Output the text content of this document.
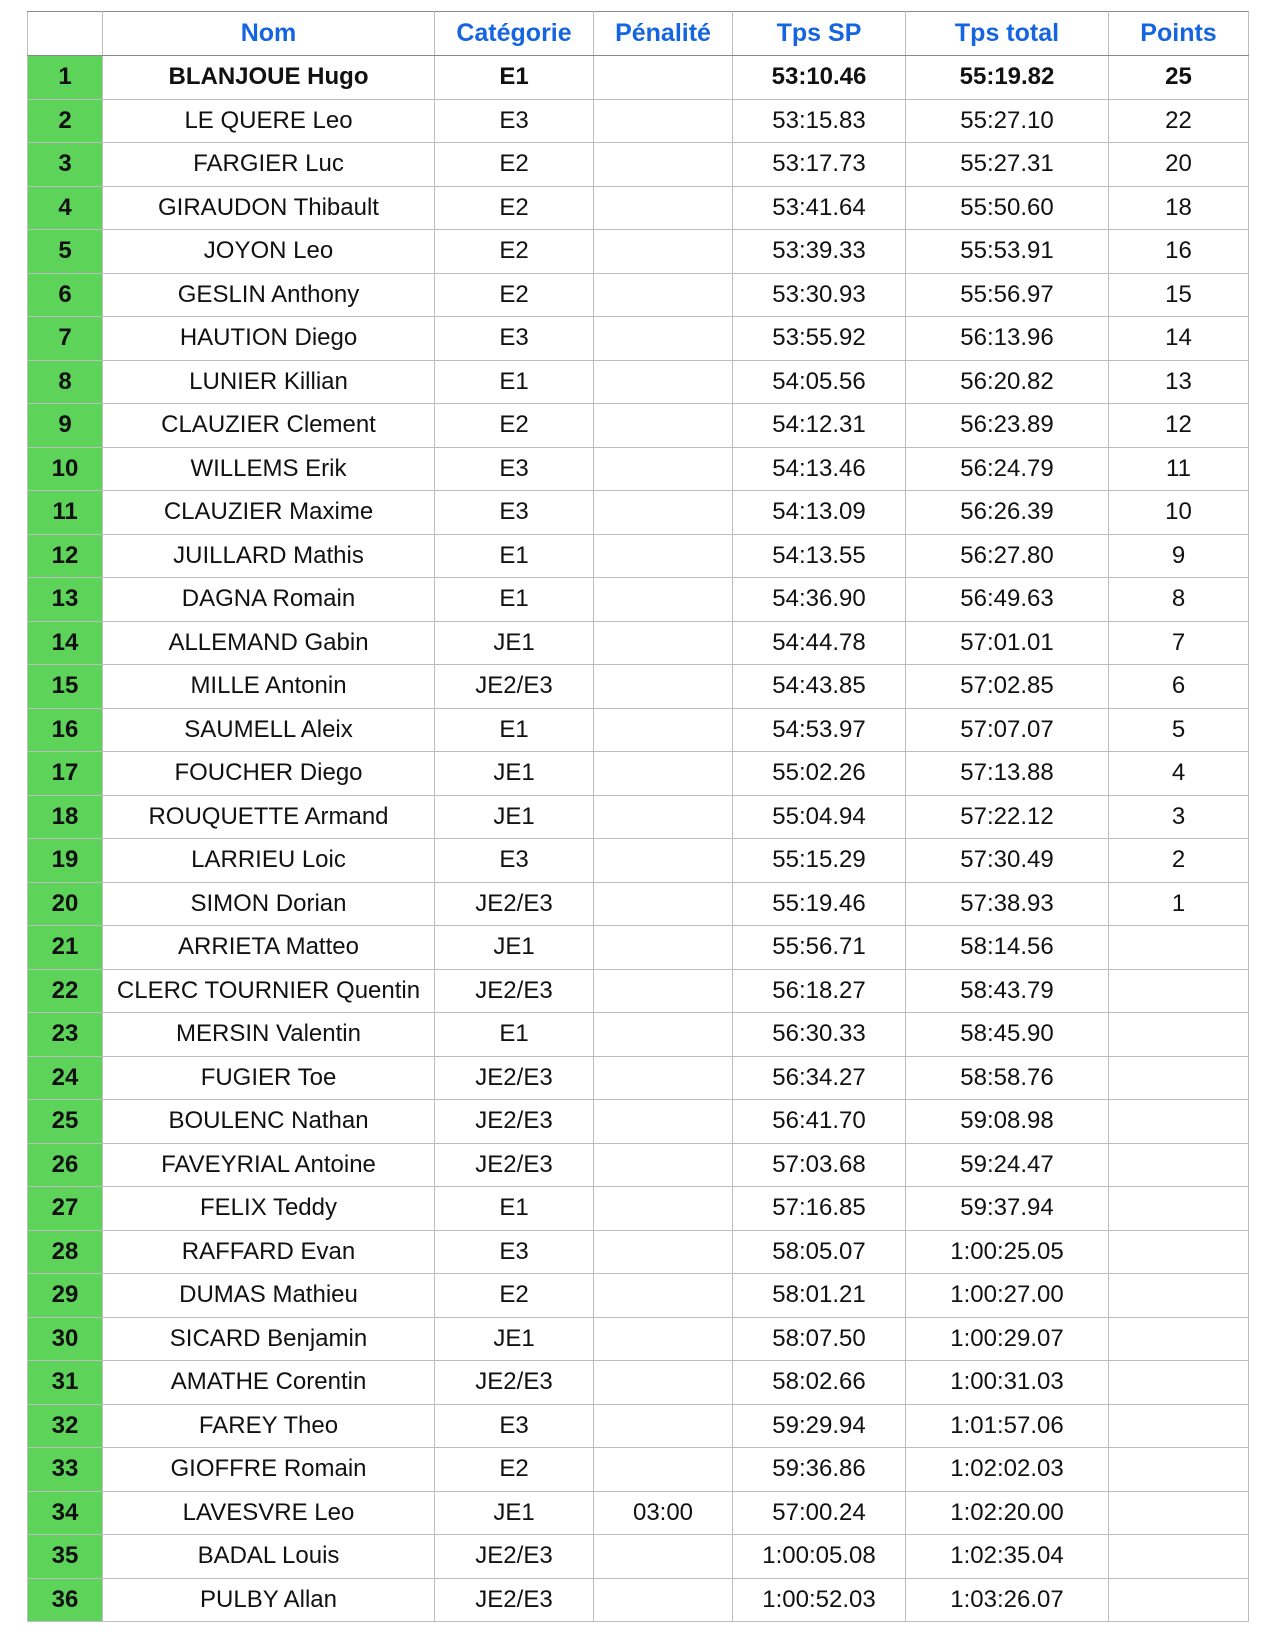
	Nom	Catégorie	Pénalité	Tps SP	Tps total	Points
1	BLANJOUE Hugo	E1		53:10.46	55:19.82	25
2	LE QUERE Leo	E3		53:15.83	55:27.10	22
3	FARGIER Luc	E2		53:17.73	55:27.31	20
4	GIRAUDON Thibault	E2		53:41.64	55:50.60	18
5	JOYON Leo	E2		53:39.33	55:53.91	16
6	GESLIN Anthony	E2		53:30.93	55:56.97	15
7	HAUTION Diego	E3		53:55.92	56:13.96	14
8	LUNIER Killian	E1		54:05.56	56:20.82	13
9	CLAUZIER Clement	E2		54:12.31	56:23.89	12
10	WILLEMS Erik	E3		54:13.46	56:24.79	11
11	CLAUZIER Maxime	E3		54:13.09	56:26.39	10
12	JUILLARD Mathis	E1		54:13.55	56:27.80	9
13	DAGNA Romain	E1		54:36.90	56:49.63	8
14	ALLEMAND Gabin	JE1		54:44.78	57:01.01	7
15	MILLE Antonin	JE2/E3		54:43.85	57:02.85	6
16	SAUMELL Aleix	E1		54:53.97	57:07.07	5
17	FOUCHER Diego	JE1		55:02.26	57:13.88	4
18	ROUQUETTE Armand	JE1		55:04.94	57:22.12	3
19	LARRIEU Loic	E3		55:15.29	57:30.49	2
20	SIMON Dorian	JE2/E3		55:19.46	57:38.93	1
21	ARRIETA Matteo	JE1		55:56.71	58:14.56	
22	CLERC TOURNIER Quentin	JE2/E3		56:18.27	58:43.79	
23	MERSIN Valentin	E1		56:30.33	58:45.90	
24	FUGIER Toe	JE2/E3		56:34.27	58:58.76	
25	BOULENC Nathan	JE2/E3		56:41.70	59:08.98	
26	FAVEYRIAL Antoine	JE2/E3		57:03.68	59:24.47	
27	FELIX Teddy	E1		57:16.85	59:37.94	
28	RAFFARD Evan	E3		58:05.07	1:00:25.05	
29	DUMAS Mathieu	E2		58:01.21	1:00:27.00	
30	SICARD Benjamin	JE1		58:07.50	1:00:29.07	
31	AMATHE Corentin	JE2/E3		58:02.66	1:00:31.03	
32	FAREY Theo	E3		59:29.94	1:01:57.06	
33	GIOFFRE Romain	E2		59:36.86	1:02:02.03	
34	LAVESVRE Leo	JE1	03:00	57:00.24	1:02:20.00	
35	BADAL Louis	JE2/E3		1:00:05.08	1:02:35.04	
36	PULBY Allan	JE2/E3		1:00:52.03	1:03:26.07	
